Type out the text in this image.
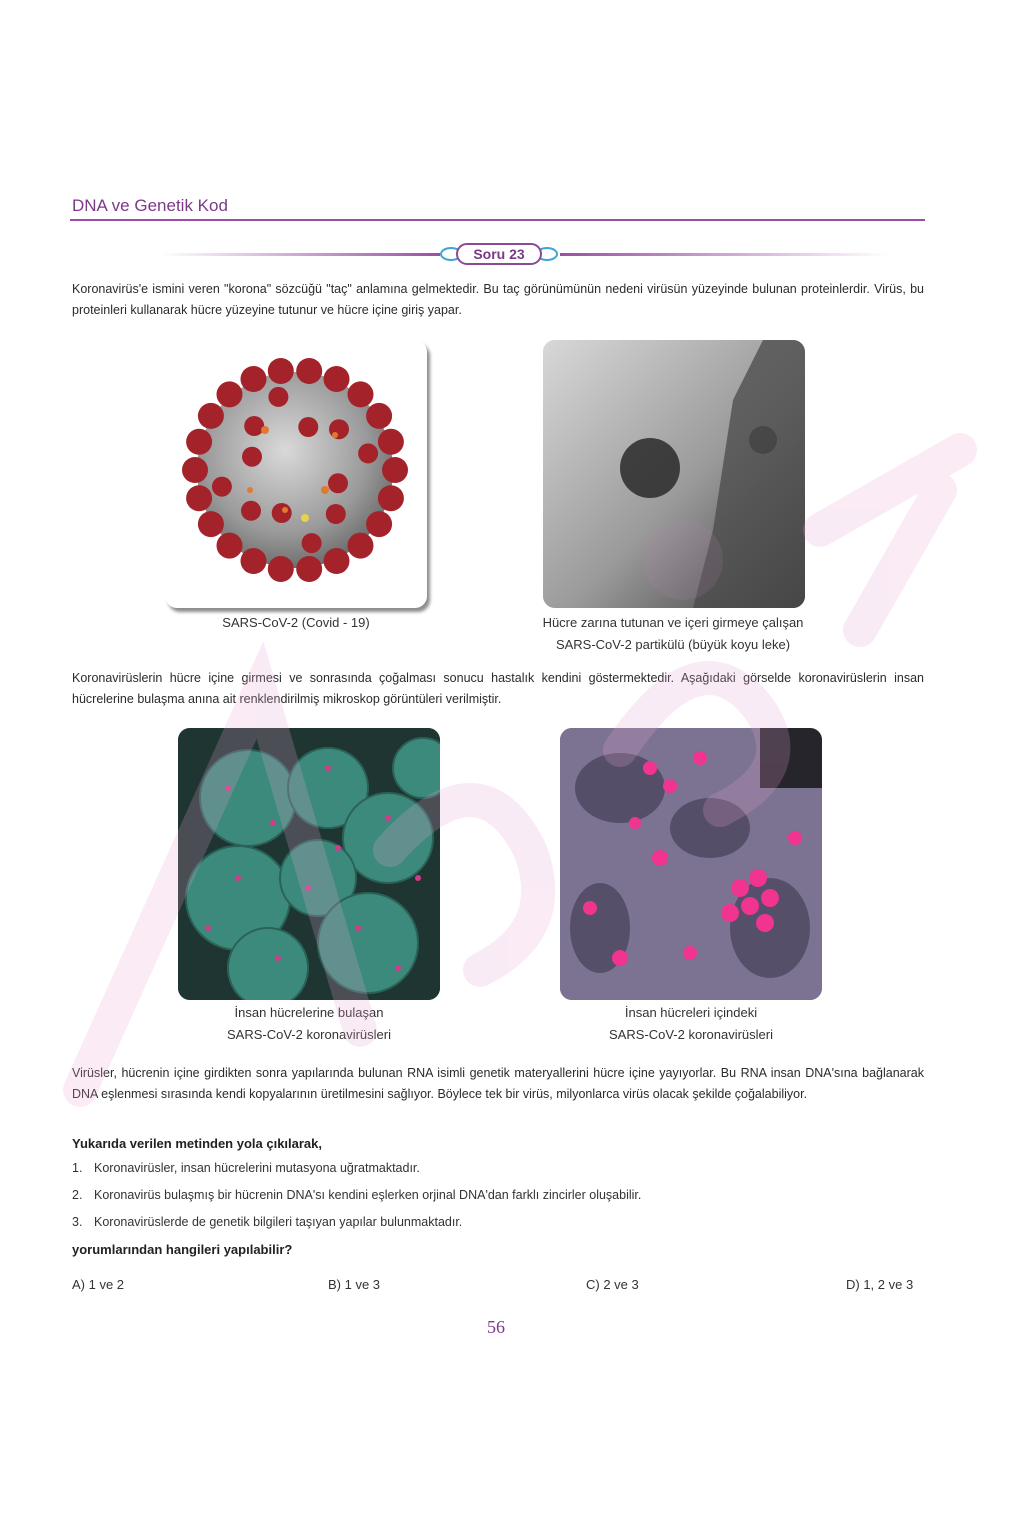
DNA ve Genetik Kod
Soru 23
Koronavirüs'e ismini veren "korona" sözcüğü "taç" anlamına gelmektedir. Bu taç görünümünün nedeni virüsün yüzeyinde bulunan proteinlerdir. Virüs, bu proteinleri kullanarak hücre yüzeyine tutunur ve hücre içine giriş yapar.
SARS-CoV-2 (Covid - 19)	Hücre zarına tutunan ve içeri girmeye çalışan
SARS-CoV-2 partikülü (büyük koyu leke)
Koronavirüslerin hücre içine girmesi ve sonrasında çoğalması sonucu hastalık kendini göstermektedir. Aşağıdaki görselde koronavirüslerin insan hücrelerine bulaşma anına ait renklendirilmiş mikroskop görüntüleri verilmiştir.
İnsan hücrelerine bulaşan
SARS-CoV-2 koronavirüsleri
İnsan hücreleri içindeki
SARS-CoV-2 koronavirüsleri
Virüsler, hücrenin içine girdikten sonra yapılarında bulunan RNA isimli genetik materyallerini hücre içine yayıyorlar. Bu RNA insan DNA'sına bağlanarak DNA eşlenmesi sırasında kendi kopyalarının üretilmesini sağlıyor. Böylece tek bir virüs, milyonlarca virüs olacak şekilde çoğalabiliyor.
Yukarıda verilen metinden yola çıkılarak,
1. Koronavirüsler, insan hücrelerini mutasyona uğratmaktadır.
2. Koronavirüs bulaşmış bir hücrenin DNA'sı kendini eşlerken orjinal DNA'dan farklı zincirler oluşabilir.
3. Koronavirüslerde de genetik bilgileri taşıyan yapılar bulunmaktadır.
yorumlarından hangileri yapılabilir?
A) 1 ve 2	B) 1 ve 3	C) 2 ve 3	D) 1, 2 ve 3
56
